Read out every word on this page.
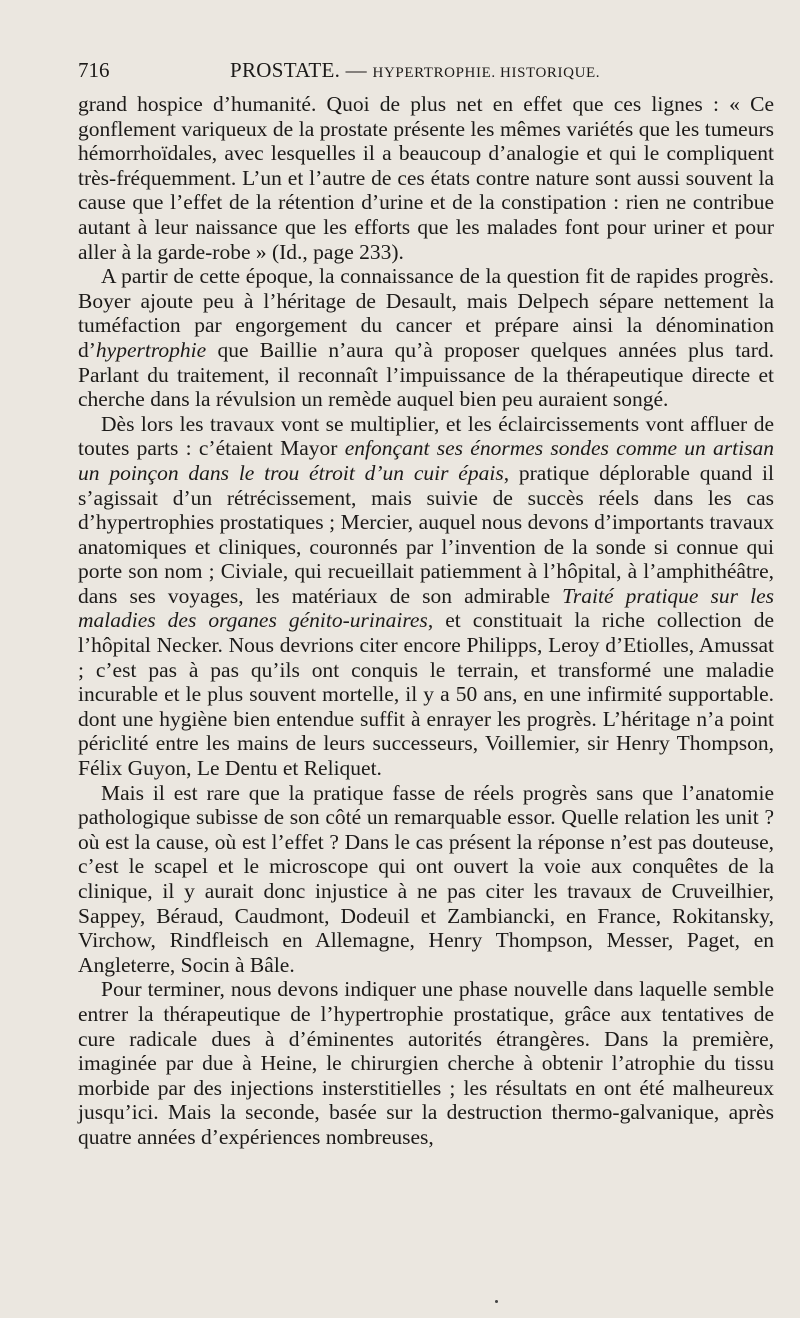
716	PROSTATE. — HYPERTROPHIE. HISTORIQUE.

grand hospice d’humanité. Quoi de plus net en effet que ces lignes : « Ce gonflement variqueux de la prostate présente les mêmes variétés que les tumeurs hémorrhoïdales, avec lesquelles il a beaucoup d’analogie et qui le compliquent très-fréquemment. L’un et l’autre de ces états contre nature sont aussi souvent la cause que l’effet de la rétention d’urine et de la constipation : rien ne contribue autant à leur naissance que les efforts que les malades font pour uriner et pour aller à la garde-robe » (Id., page 233).

A partir de cette époque, la connaissance de la question fit de rapides progrès. Boyer ajoute peu à l’héritage de Desault, mais Delpech sépare nettement la tuméfaction par engorgement du cancer et prépare ainsi la dénomination d’hypertrophie que Baillie n’aura qu’à proposer quelques années plus tard. Parlant du traitement, il reconnaît l’impuissance de la thérapeutique directe et cherche dans la révulsion un remède auquel bien peu auraient songé.

Dès lors les travaux vont se multiplier, et les éclaircissements vont affluer de toutes parts : c’étaient Mayor enfonçant ses énormes sondes comme un artisan un poinçon dans le trou étroit d’un cuir épais, pratique déplorable quand il s’agissait d’un rétrécissement, mais suivie de succès réels dans les cas d’hypertrophies prostatiques ; Mercier, auquel nous devons d’importants travaux anatomiques et cliniques, couronnés par l’invention de la sonde si connue qui porte son nom ; Civiale, qui recueillait patiemment à l’hôpital, à l’amphithéâtre, dans ses voyages, les matériaux de son admirable Traité pratique sur les maladies des organes génito-urinaires, et constituait la riche collection de l’hôpital Necker. Nous devrions citer encore Philipps, Leroy d’Etiolles, Amussat ; c’est pas à pas qu’ils ont conquis le terrain, et transformé une maladie incurable et le plus souvent mortelle, il y a 50 ans, en une infirmité supportable. dont une hygiène bien entendue suffit à enrayer les progrès. L’héritage n’a point périclité entre les mains de leurs successeurs, Voillemier, sir Henry Thompson, Félix Guyon, Le Dentu et Reliquet.

Mais il est rare que la pratique fasse de réels progrès sans que l’anatomie pathologique subisse de son côté un remarquable essor. Quelle relation les unit ? où est la cause, où est l’effet ? Dans le cas présent la réponse n’est pas douteuse, c’est le scapel et le microscope qui ont ouvert la voie aux conquêtes de la clinique, il y aurait donc injustice à ne pas citer les travaux de Cruveilhier, Sappey, Béraud, Caudmont, Dodeuil et Zambiancki, en France, Rokitansky, Virchow, Rindfleisch en Allemagne, Henry Thompson, Messer, Paget, en Angleterre, Socin à Bâle.

Pour terminer, nous devons indiquer une phase nouvelle dans laquelle semble entrer la thérapeutique de l’hypertrophie prostatique, grâce aux tentatives de cure radicale dues à d’éminentes autorités étrangères. Dans la première, imaginée par due à Heine, le chirurgien cherche à obtenir l’atrophie du tissu morbide par des injections insterstitielles ; les résultats en ont été malheureux jusqu’ici. Mais la seconde, basée sur la destruction thermo-galvanique, après quatre années d’expériences nombreuses,
